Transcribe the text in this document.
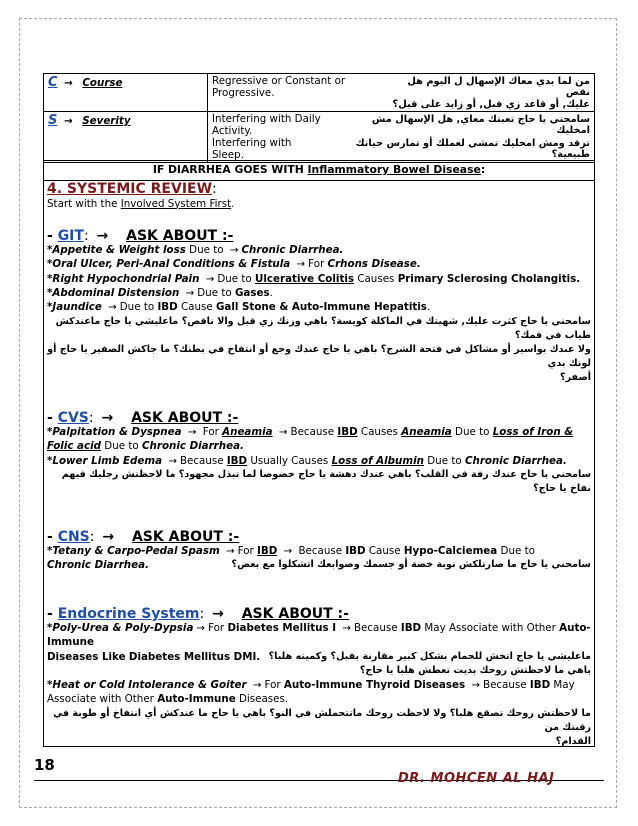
C → Course	Regressive or Constant or Progressive.
من لما بدي معاك الإسهال ل اليوم هل نقص
عليك, أو قاعد زي قبل, أو زايد على قبل؟

S → Severity	Interfering with Daily Activity.
سامحني يا حاج تعبتك معاي, هل الإسهال مش امخليك
Interfering with Sleep.
ترقد ومش امخليك تمشي لعملك أو تمارس حياتك طبيعية؟
IF DIARRHEA GOES WITH Inflammatory Bowel Disease:
4. SYSTEMIC REVIEW:
Start with the Involved System First.
- GIT: → ASK ABOUT :-
*Appetite & Weight loss Due to → Chronic Diarrhea.
*Oral Ulcer, Peri-Anal Conditions & Fistula → For Crhons Disease.
*Right Hypochondrial Pain → Due to Ulcerative Colitis Causes Primary Sclerosing Cholangitis.
*Abdominal Distension → Due to Gases.
*Jaundice → Due to IBD Cause Gall Stone & Auto-Immune Hepatitis.
سامحني يا حاج كثرت عليك, شهيتك في الماكلة كويسة؟ باهي وزنك زي قبل والا ناقص؟ ماعليشي يا حاج ماعندكش طياب في فمك؟
ولا عندك بواسير أو مشاكل في فتحة الشرج؟ باهي يا حاج عندك وجع أو انتفاخ في بطنك؟ ما جاكش الصفير يا حاج أو لونك بدي
أصفر؟
- CVS: → ASK ABOUT :-
*Palpitation & Dyspnea → For Aneamia → Because IBD Causes Aneamia Due to Loss of Iron & Folic acid Due to Chronic Diarrhea.
*Lower Limb Edema → Because IBD Usually Causes Loss of Albumin Due to Chronic Diarrhea.
سامحني يا حاج عندك رفة في القلب؟ باهي عندك دهشة يا حاج خصوصا لما تبذل مجهود؟ ما لاحظتش رجليك فيهم نفاخ يا حاج؟
- CNS: → ASK ABOUT :-
*Tetany & Carpo-Pedal Spasm → For IBD → Because IBD Cause Hypo-Calciemea Due to
Chronic Diarrhea.	سامحني يا حاج ما صارتلكش نوبة خضة أو جسمك وصوابعك اتشكلوا مع بعض؟
- Endocrine System: → ASK ABOUT :-
*Poly-Urea & Poly-Dypsia → For Diabetes Mellitus I → Because IBD May Associate with Other Auto-Immune
Diseases Like Diabetes Mellitus DMI. ماعليشي يا حاج اتخش للحمام بشكل كبير مقارنة بقبل؟ وكميته هلبا؟
باهي ما لاحظتش روحك بديت تعطش هلبا يا حاج؟
*Heat or Cold Intolerance & Goiter → For Auto-Immune Thyroid Diseases → Because IBD May
Associate with Other Auto-Immune Diseases.
ما لاحظتش روحك تصقع هلبا؟ ولا لاحظت روحك ماتتحملش في النو؟ باهي يا حاج ما عندكش أي انتفاخ أو طوبة في رقبتك من
القدام؟
18
DR. MOHCEN AL HAJ
